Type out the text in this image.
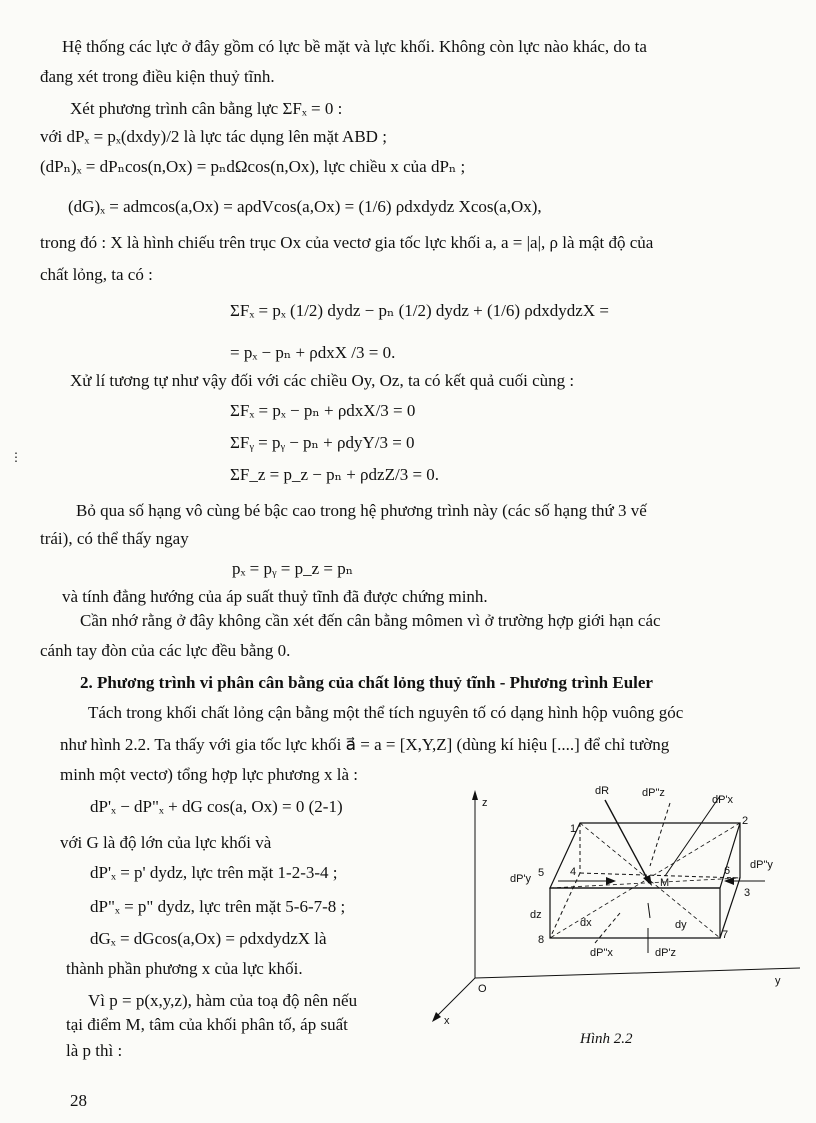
Hệ thống các lực ở đây gồm có lực bề mặt và lực khối. Không còn lực nào khác, do ta
đang xét trong điều kiện thuỷ tĩnh.
Xét phương trình cân bằng lực ΣFₓ = 0 :
với dPₓ = pₓ(dxdy)/2 là lực tác dụng lên mặt ABD ;
(dPₙ)ₓ = dPₙcos(n,Ox) = pₙdΩcos(n,Ox), lực chiều x của dPₙ ;
(dG)ₓ = admcos(a,Ox) = aρdVcos(a,Ox) = (1/6) ρdxdydz Xcos(a,Ox),
trong đó : X là hình chiếu trên trục Ox của vectơ gia tốc lực khối a, a = |a|, ρ là mật độ của
chất lỏng, ta có :
ΣFₓ = pₓ (1/2) dydz − pₙ (1/2) dydz + (1/6) ρdxdydzX =
= pₓ − pₙ + ρdxX /3 = 0.
Xử lí tương tự như vậy đối với các chiều Oy, Oz, ta có kết quả cuối cùng :
ΣFₓ = pₓ − pₙ + ρdxX/3 = 0
ΣFᵧ = pᵧ − pₙ + ρdyY/3 = 0
ΣF_z = p_z − pₙ + ρdzZ/3 = 0.
Bỏ qua số hạng vô cùng bé bậc cao trong hệ phương trình này (các số hạng thứ 3 vế
trái), có thể thấy ngay
pₓ = pᵧ = p_z = pₙ
và tính đẳng hướng của áp suất thuỷ tĩnh đã được chứng minh.
Cần nhớ rằng ở đây không cần xét đến cân bằng mômen vì ở trường hợp giới hạn các
cánh tay đòn của các lực đều bằng 0.
2. Phương trình vi phân cân bằng của chất lỏng thuỷ tĩnh - Phương trình Euler
Tách trong khối chất lỏng cận bằng một thể tích nguyên tố có dạng hình hộp vuông góc
như hình 2.2. Ta thấy với gia tốc lực khối a⃗ = a = [X,Y,Z] (dùng kí hiệu [....] để chỉ tường
minh một vectơ) tổng hợp lực phương x là :
dP'ₓ − dP"ₓ + dG cos(a, Ox) = 0 (2-1)
với G là độ lớn của lực khối và
dP'ₓ = p' dydz, lực trên mặt 1-2-3-4 ;
dP"ₓ = p" dydz, lực trên mặt 5-6-7-8 ;
dGₓ = dGcos(a,Ox) = ρdxdydzX là
thành phần phương x của lực khối.
Vì p = p(x,y,z), hàm của toạ độ nên nếu
tại điểm M, tâm của khối phân tố, áp suất
là p thì :
⋮
z
y
x
O
dR	dP"z
dP'x
dP'y
dP"y
dz
dx	dy
M
dP"x	dP'z
1
2
3
4
5	6
7
8
Hình 2.2
28
